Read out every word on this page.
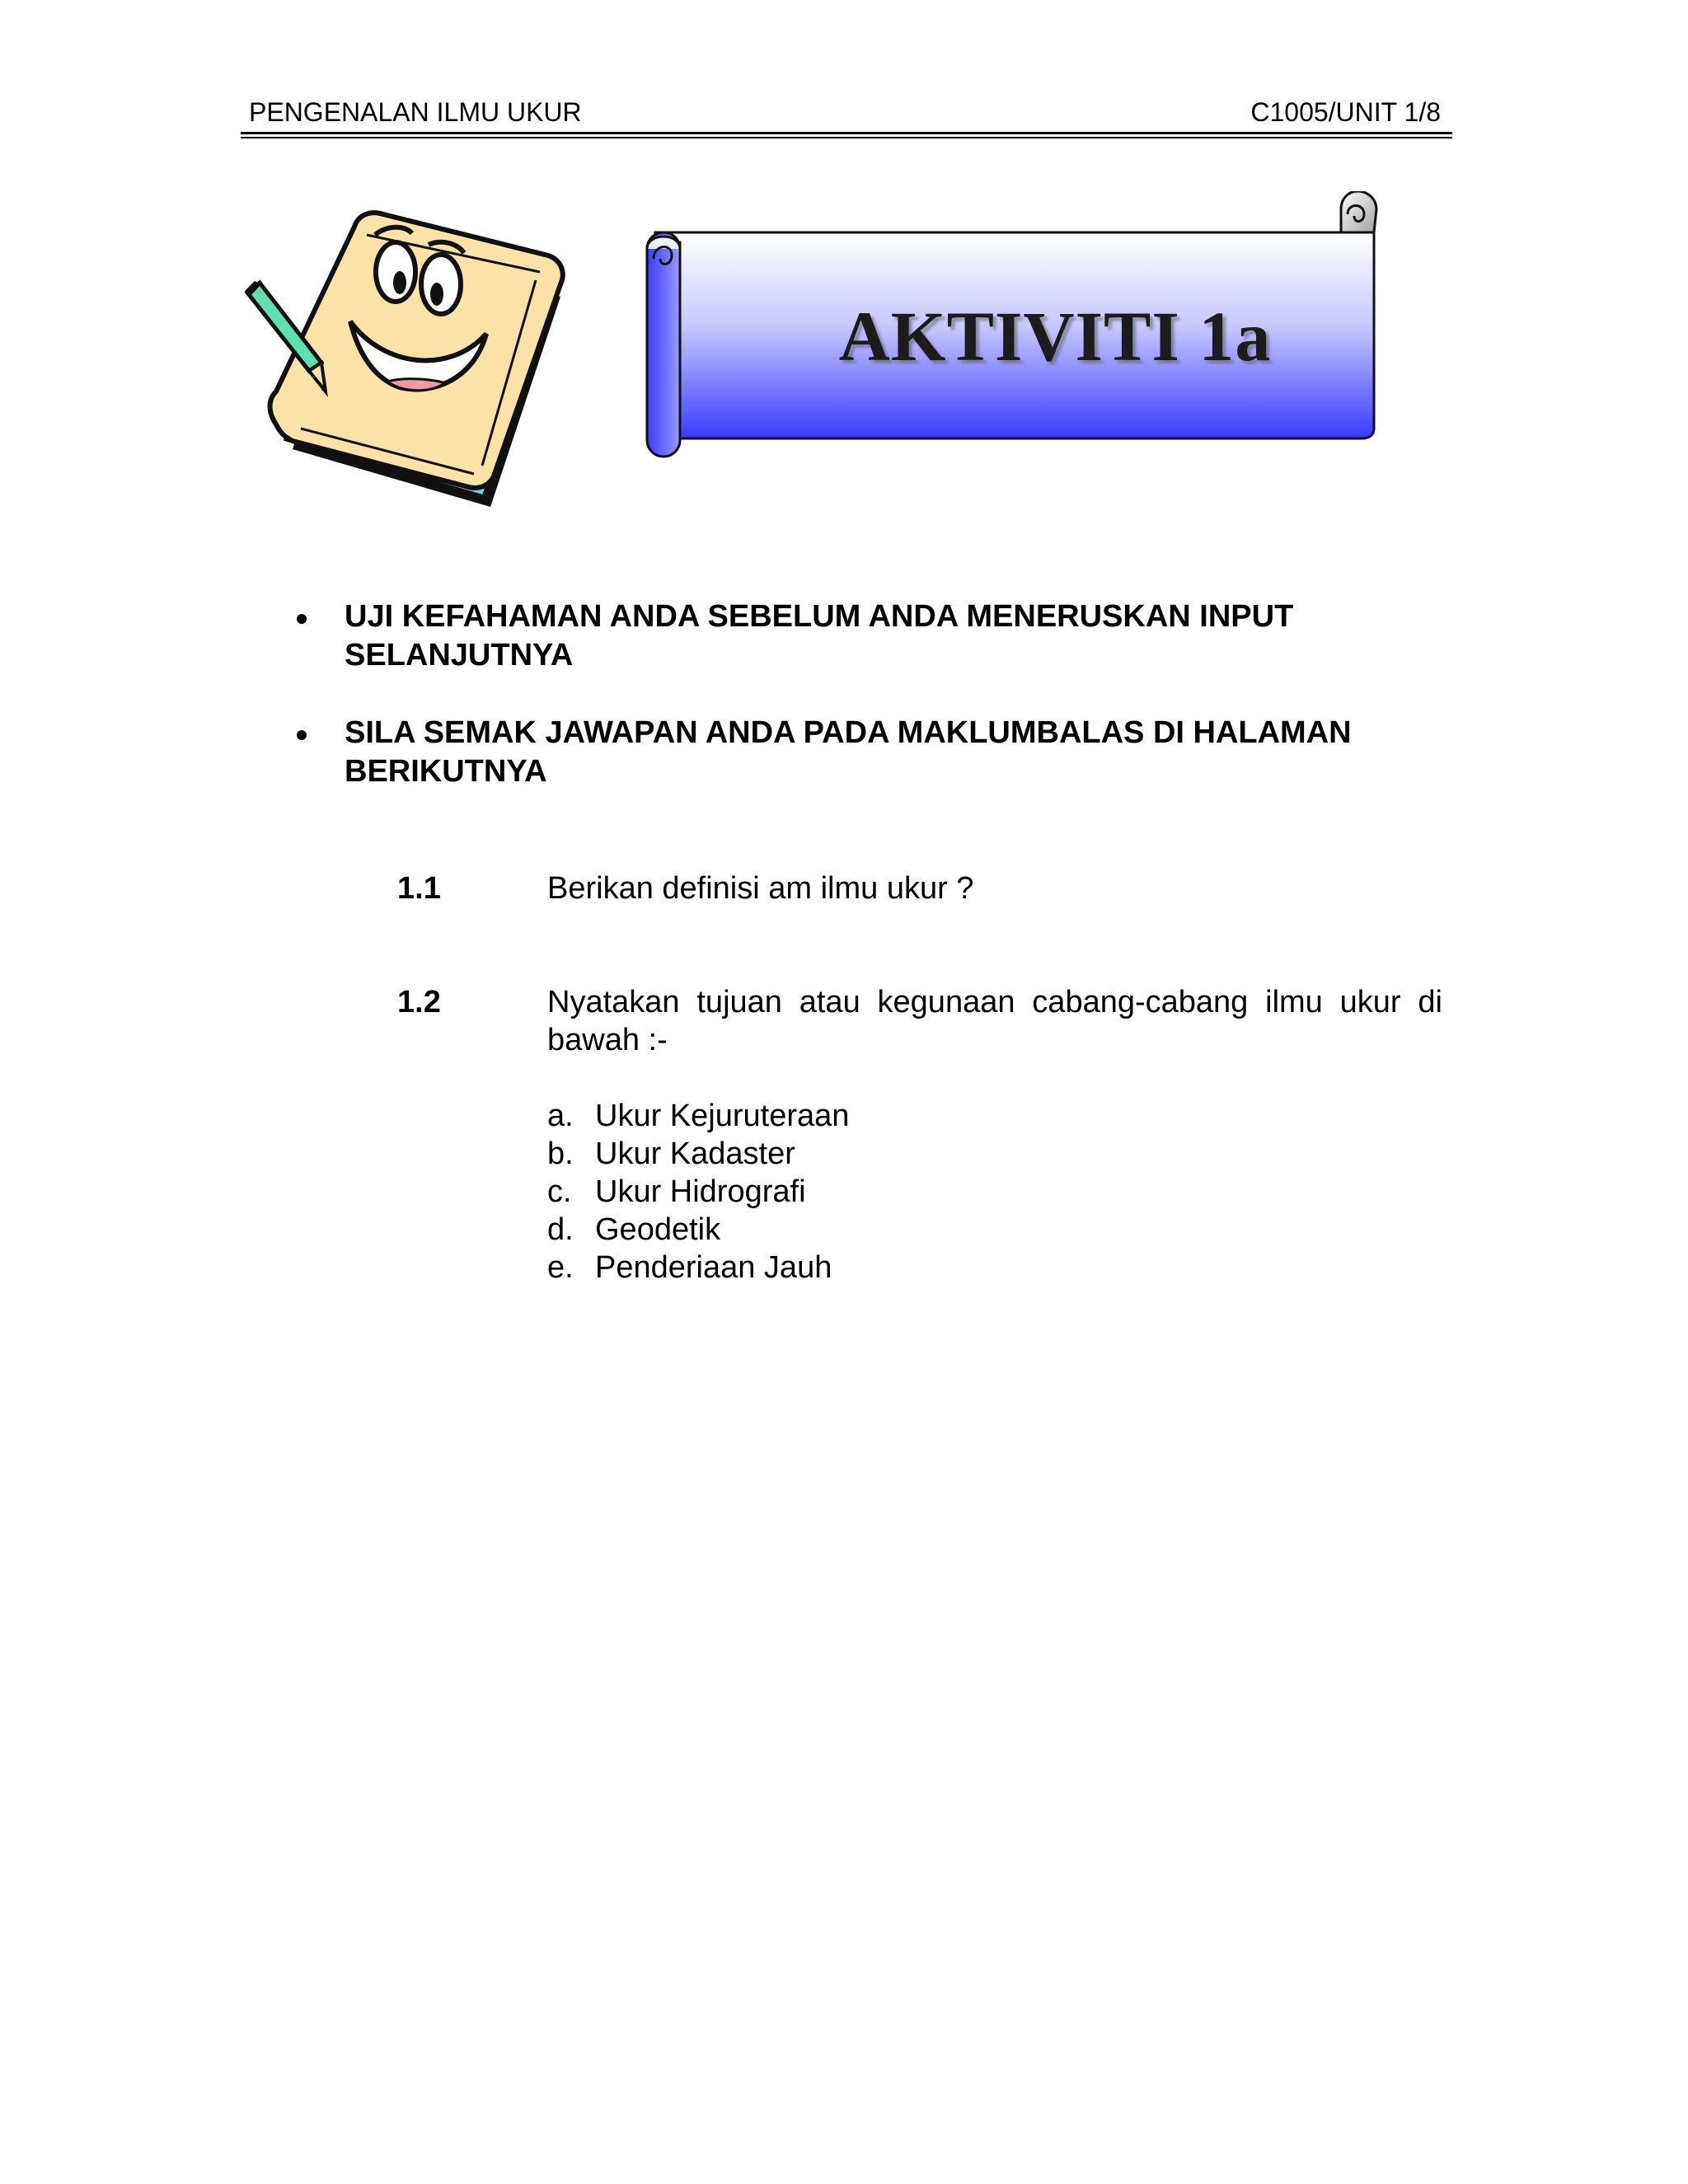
PENGENALAN ILMU UKUR	C1005/UNIT 1/8
AKTIVITI 1a
UJI KEFAHAMAN ANDA SEBELUM ANDA MENERUSKAN INPUT SELANJUTNYA
SILA SEMAK JAWAPAN ANDA PADA MAKLUMBALAS DI HALAMAN BERIKUTNYA
1.1	Berikan definisi am ilmu ukur ?
1.2	Nyatakan tujuan atau kegunaan cabang-cabang ilmu ukur di bawah :-
a. Ukur Kejuruteraan
b. Ukur Kadaster
c. Ukur Hidrografi
d. Geodetik
e. Penderiaan Jauh
